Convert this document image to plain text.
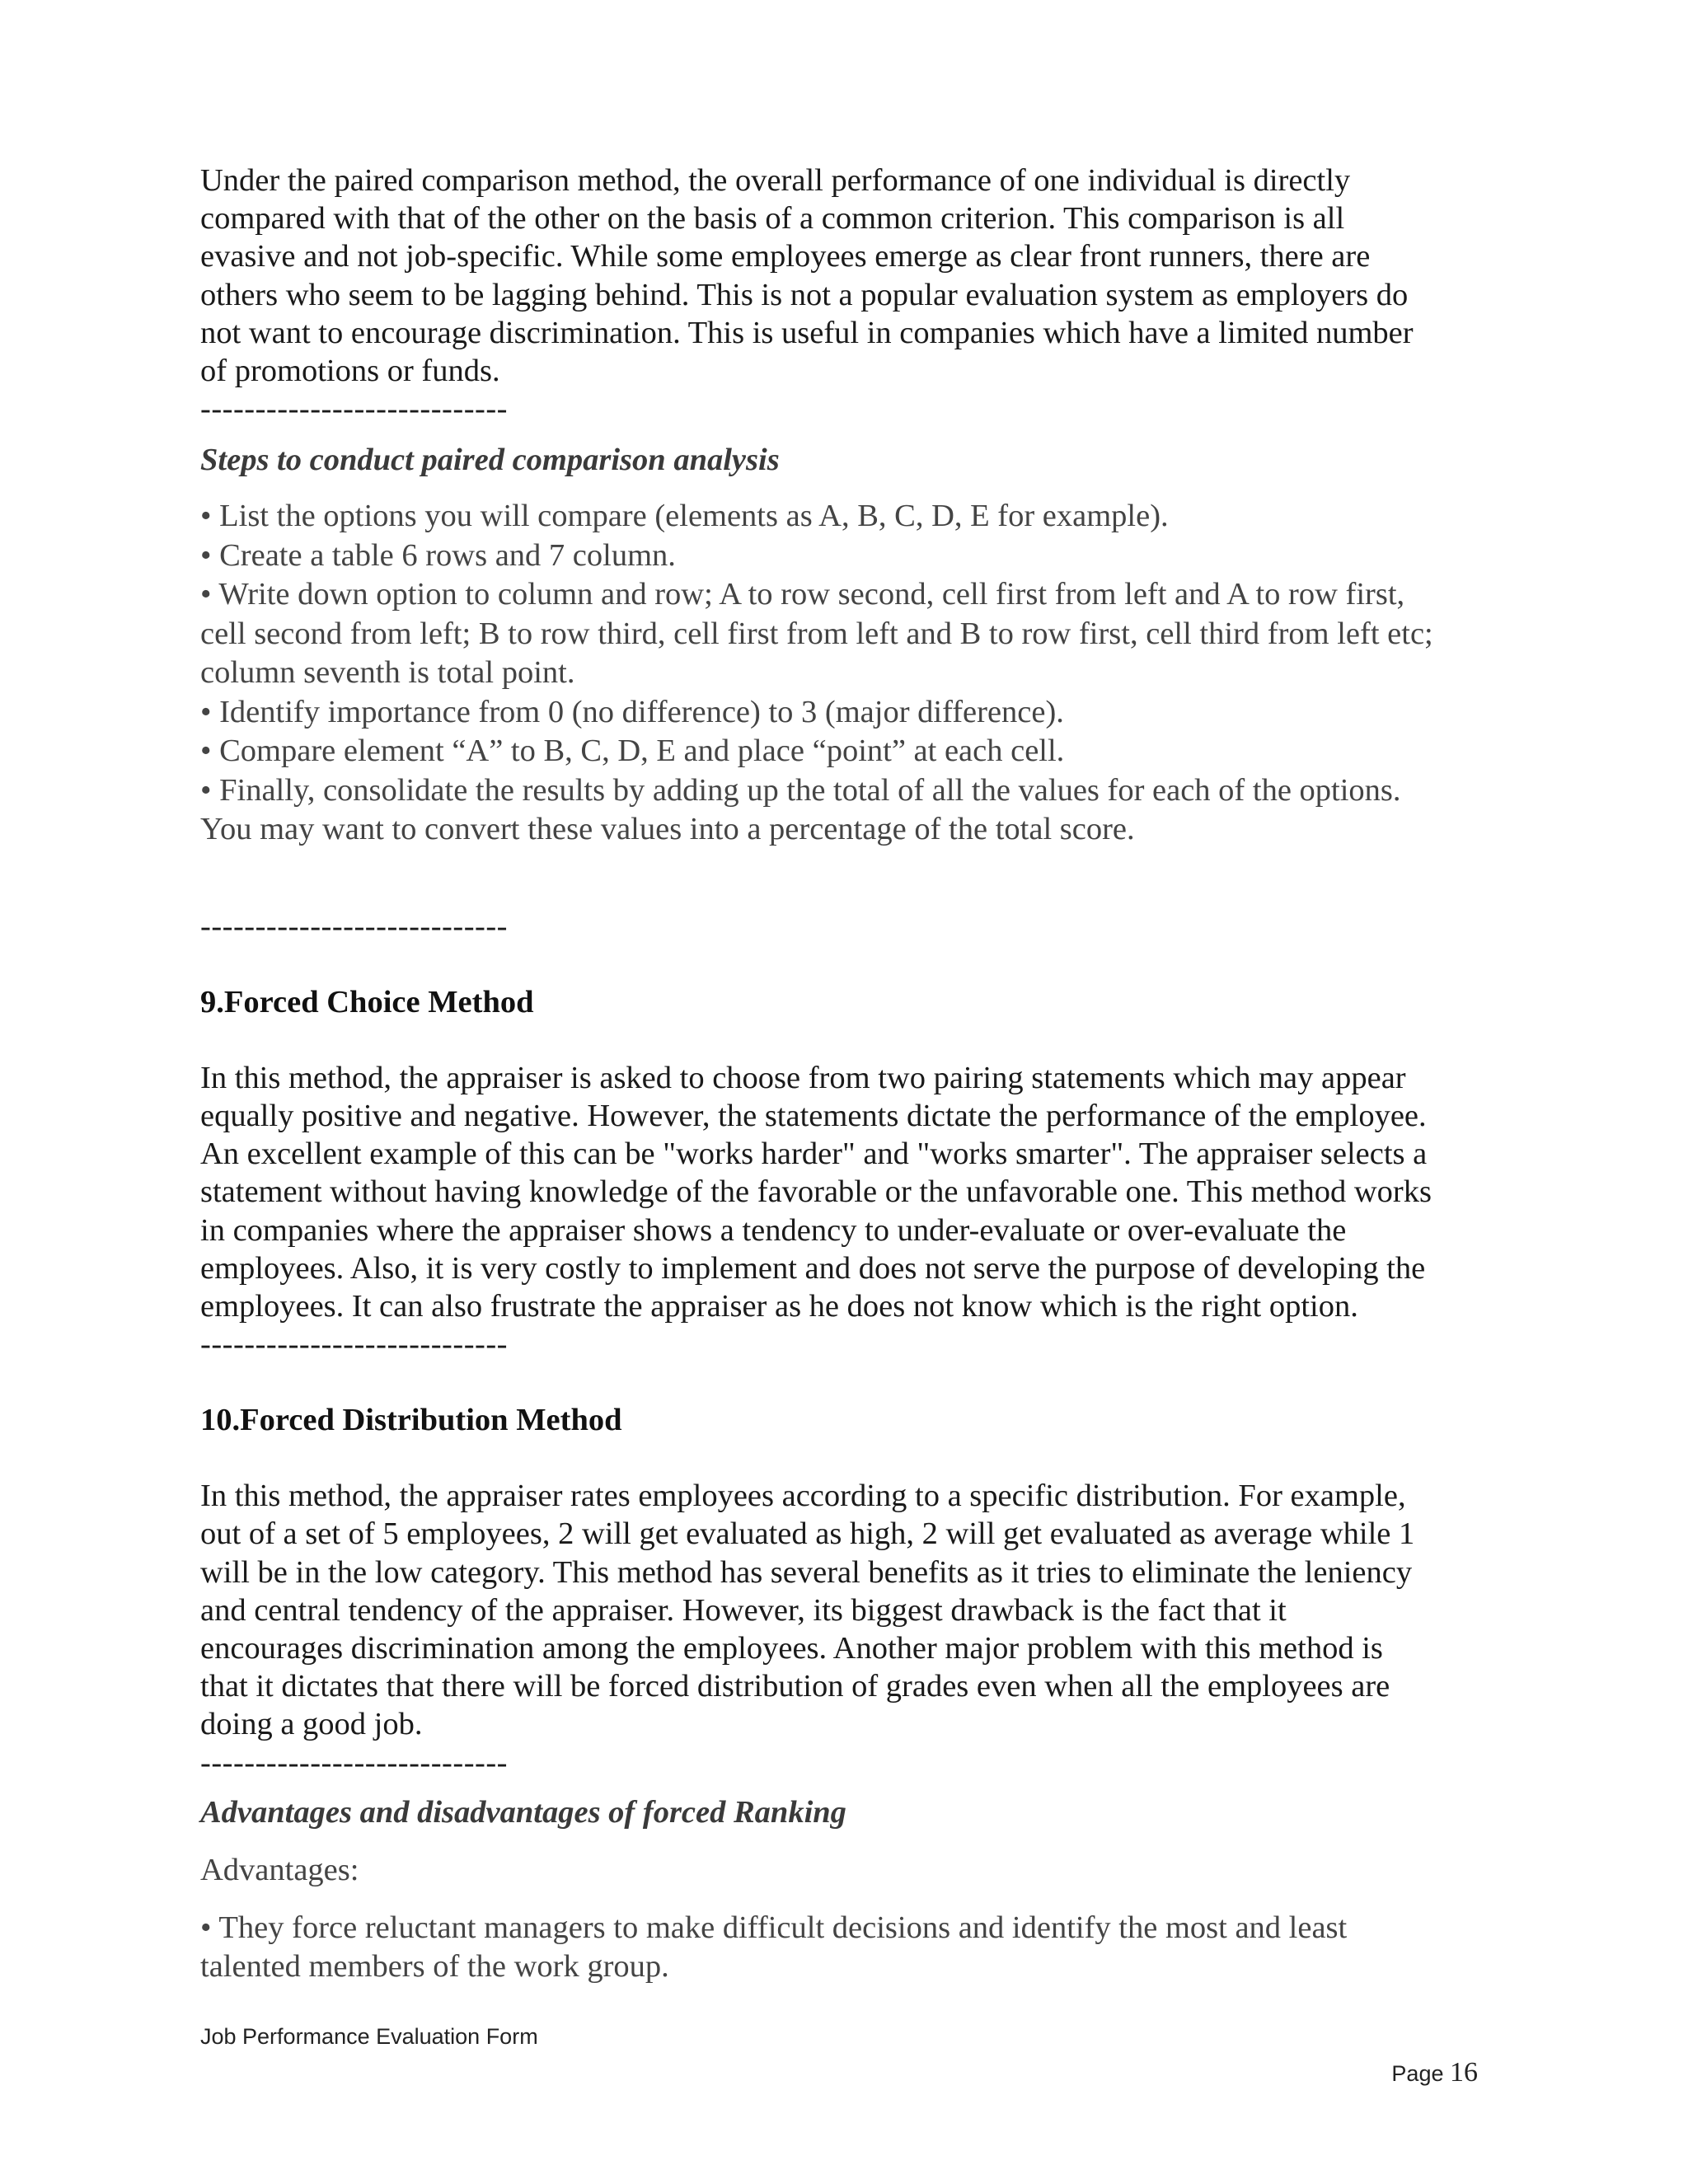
Under the paired comparison method, the overall performance of one individual is directly
compared with that of the other on the basis of a common criterion. This comparison is all
evasive and not job-specific. While some employees emerge as clear front runners, there are
others who seem to be lagging behind. This is not a popular evaluation system as employers do
not want to encourage discrimination. This is useful in companies which have a limited number
of promotions or funds.

----------------------------

Steps to conduct paired comparison analysis

• List the options you will compare (elements as A, B, C, D, E for example).
• Create a table 6 rows and 7 column.
• Write down option to column and row; A to row second, cell first from left and A to row first,
cell second from left; B to row third, cell first from left and B to row first, cell third from left etc;
column seventh is total point.
• Identify importance from 0 (no difference) to 3 (major difference).
• Compare element “A” to B, C, D, E and place “point” at each cell.
• Finally, consolidate the results by adding up the total of all the values for each of the options.
You may want to convert these values into a percentage of the total score.

----------------------------

9.Forced Choice Method

In this method, the appraiser is asked to choose from two pairing statements which may appear
equally positive and negative. However, the statements dictate the performance of the employee.
An excellent example of this can be "works harder" and "works smarter". The appraiser selects a
statement without having knowledge of the favorable or the unfavorable one. This method works
in companies where the appraiser shows a tendency to under-evaluate or over-evaluate the
employees. Also, it is very costly to implement and does not serve the purpose of developing the
employees. It can also frustrate the appraiser as he does not know which is the right option.

----------------------------

10.Forced Distribution Method

In this method, the appraiser rates employees according to a specific distribution. For example,
out of a set of 5 employees, 2 will get evaluated as high, 2 will get evaluated as average while 1
will be in the low category. This method has several benefits as it tries to eliminate the leniency
and central tendency of the appraiser. However, its biggest drawback is the fact that it
encourages discrimination among the employees. Another major problem with this method is
that it dictates that there will be forced distribution of grades even when all the employees are
doing a good job.

----------------------------

Advantages and disadvantages of forced Ranking

Advantages:

• They force reluctant managers to make difficult decisions and identify the most and least
talented members of the work group.
Job Performance Evaluation Form
Page 16
